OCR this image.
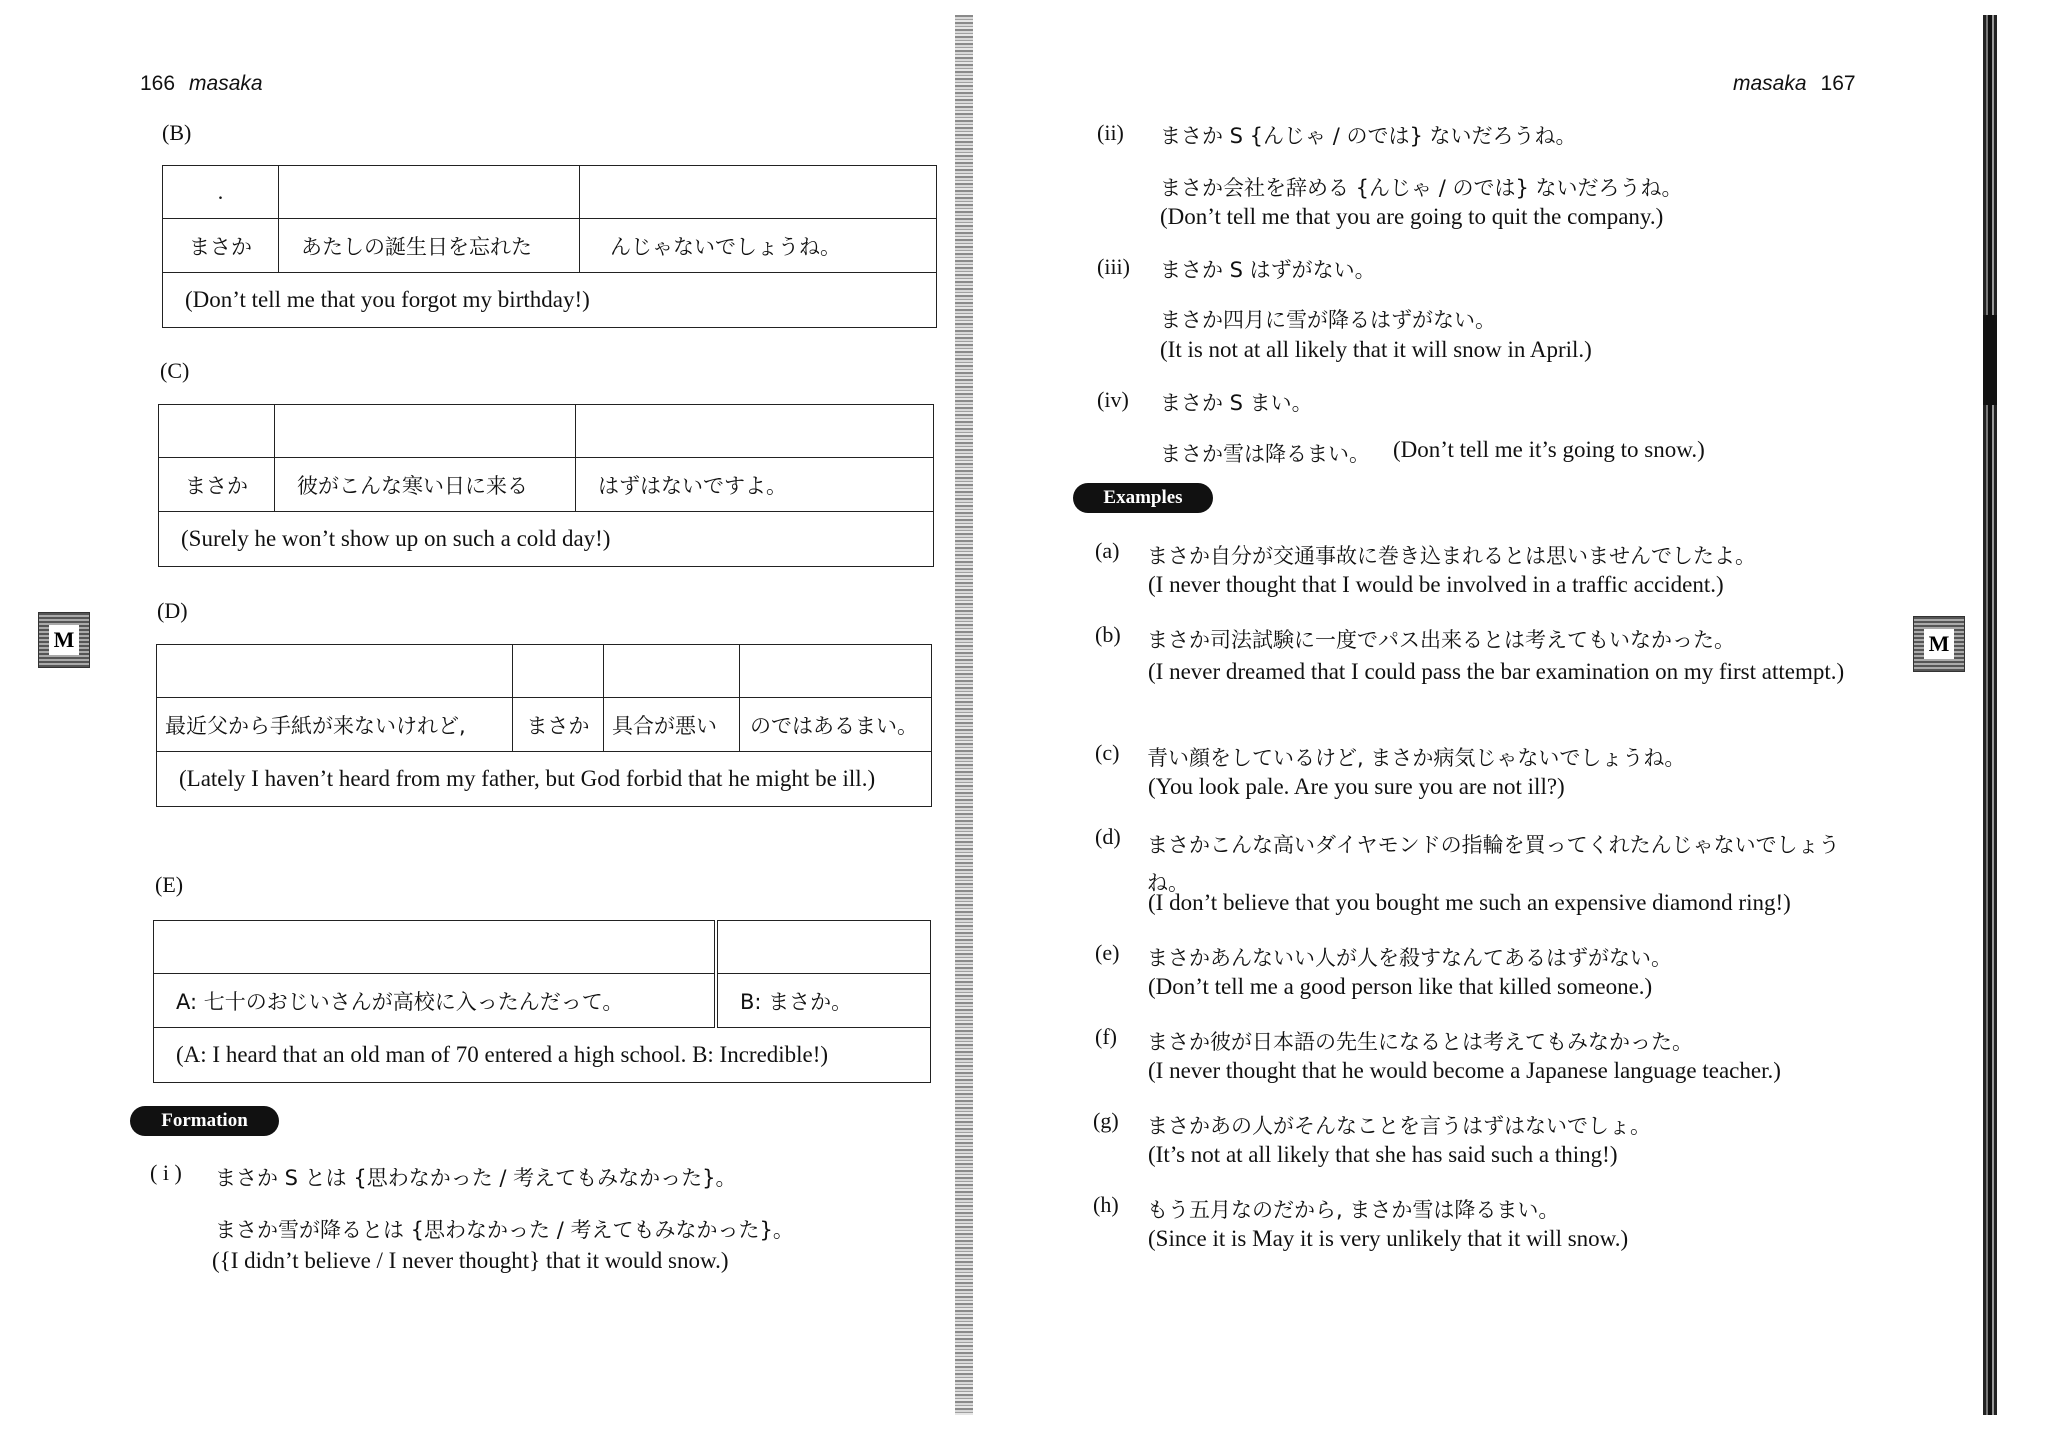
166 masaka
M
(B)
.		
まさか	あたしの誕生日を忘れた	んじゃないでしょうね。
(Don’t tell me that you forgot my birthday!)		
(C)

まさか	彼がこんな寒い日に来る	はずはないですよ。
(Surely he won’t show up on such a cold day!)		
(D)

最近父から手紙が来ないけれど,	まさか	具合が悪い	のではあるまい。
(Lately I haven’t heard from my father, but God forbid that he might be ill.)			
(E)

A: 七十のおじいさんが高校に入ったんだって。	B: まさか。
(A: I heard that an old man of 70 entered a high school. B: Incredible!)	
Formation
( i ) まさか S とは {思わなかった / 考えてもみなかった}。
まさか雪が降るとは {思わなかった / 考えてもみなかった}。
({I didn’t believe / I never thought} that it would snow.)
masaka 167
M
(ii) まさか S {んじゃ / のでは} ないだろうね。
まさか会社を辞める {んじゃ / のでは} ないだろうね。
(Don’t tell me that you are going to quit the company.)
(iii) まさか S はずがない。
まさか四月に雪が降るはずがない。
(It is not at all likely that it will snow in April.)
(iv) まさか S まい。
まさか雪は降るまい。 (Don’t tell me it’s going to snow.)
Examples
(a) まさか自分が交通事故に巻き込まれるとは思いませんでしたよ。
(I never thought that I would be involved in a traffic accident.)
(b) まさか司法試験に一度でパス出来るとは考えてもいなかった。
(I never dreamed that I could pass the bar examination on my first attempt.)
(c) 青い顔をしているけど, まさか病気じゃないでしょうね。
(You look pale. Are you sure you are not ill?)
(d) まさかこんな高いダイヤモンドの指輪を買ってくれたんじゃないでしょうね。
(I don’t believe that you bought me such an expensive diamond ring!)
(e) まさかあんないい人が人を殺すなんてあるはずがない。
(Don’t tell me a good person like that killed someone.)
(f) まさか彼が日本語の先生になるとは考えてもみなかった。
(I never thought that he would become a Japanese language teacher.)
(g) まさかあの人がそんなことを言うはずはないでしょ。
(It’s not at all likely that she has said such a thing!)
(h) もう五月なのだから, まさか雪は降るまい。
(Since it is May it is very unlikely that it will snow.)
